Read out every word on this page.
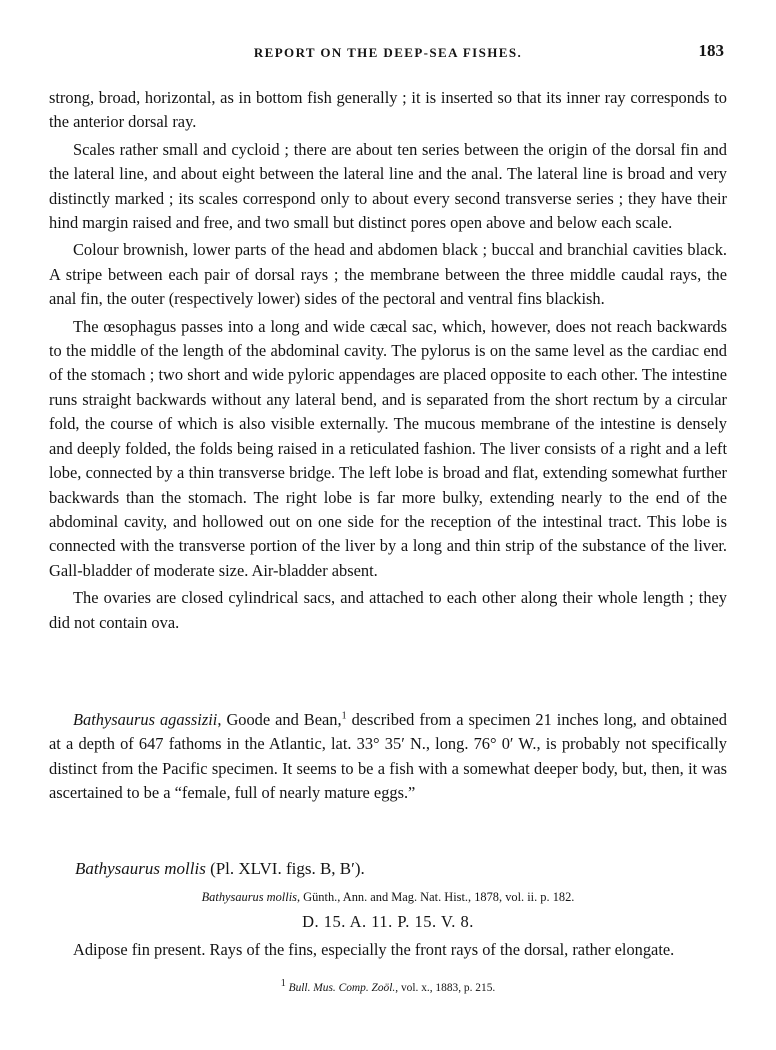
REPORT ON THE DEEP-SEA FISHES.	183

strong, broad, horizontal, as in bottom fish generally ; it is inserted so that its inner ray corresponds to the anterior dorsal ray.

Scales rather small and cycloid ; there are about ten series between the origin of the dorsal fin and the lateral line, and about eight between the lateral line and the anal. The lateral line is broad and very distinctly marked ; its scales correspond only to about every second transverse series ; they have their hind margin raised and free, and two small but distinct pores open above and below each scale.

Colour brownish, lower parts of the head and abdomen black ; buccal and branchial cavities black. A stripe between each pair of dorsal rays ; the membrane between the three middle caudal rays, the anal fin, the outer (respectively lower) sides of the pectoral and ventral fins blackish.

The œsophagus passes into a long and wide cæcal sac, which, however, does not reach backwards to the middle of the length of the abdominal cavity. The pylorus is on the same level as the cardiac end of the stomach ; two short and wide pyloric appendages are placed opposite to each other. The intestine runs straight backwards without any lateral bend, and is separated from the short rectum by a circular fold, the course of which is also visible externally. The mucous membrane of the intestine is densely and deeply folded, the folds being raised in a reticulated fashion. The liver consists of a right and a left lobe, connected by a thin transverse bridge. The left lobe is broad and flat, extending somewhat further backwards than the stomach. The right lobe is far more bulky, extending nearly to the end of the abdominal cavity, and hollowed out on one side for the reception of the intestinal tract. This lobe is connected with the transverse portion of the liver by a long and thin strip of the substance of the liver. Gall-bladder of moderate size. Air-bladder absent.

The ovaries are closed cylindrical sacs, and attached to each other along their whole length ; they did not contain ova.

Bathysaurus agassizii, Goode and Bean,$^1$ described from a specimen 21 inches long, and obtained at a depth of 647 fathoms in the Atlantic, lat. 33° 35′ N., long. 76° 0′ W., is probably not specifically distinct from the Pacific specimen. It seems to be a fish with a somewhat deeper body, but, then, it was ascertained to be a “female, full of nearly mature eggs.”

Bathysaurus mollis (Pl. XLVI. figs. B, B′).
Bathysaurus mollis, Günth., Ann. and Mag. Nat. Hist., 1878, vol. ii. p. 182.
D. 15. A. 11. P. 15. V. 8.

Adipose fin present. Rays of the fins, especially the front rays of the dorsal, rather elongate.

$^1$ Bull. Mus. Comp. Zoöl., vol. x., 1883, p. 215.
